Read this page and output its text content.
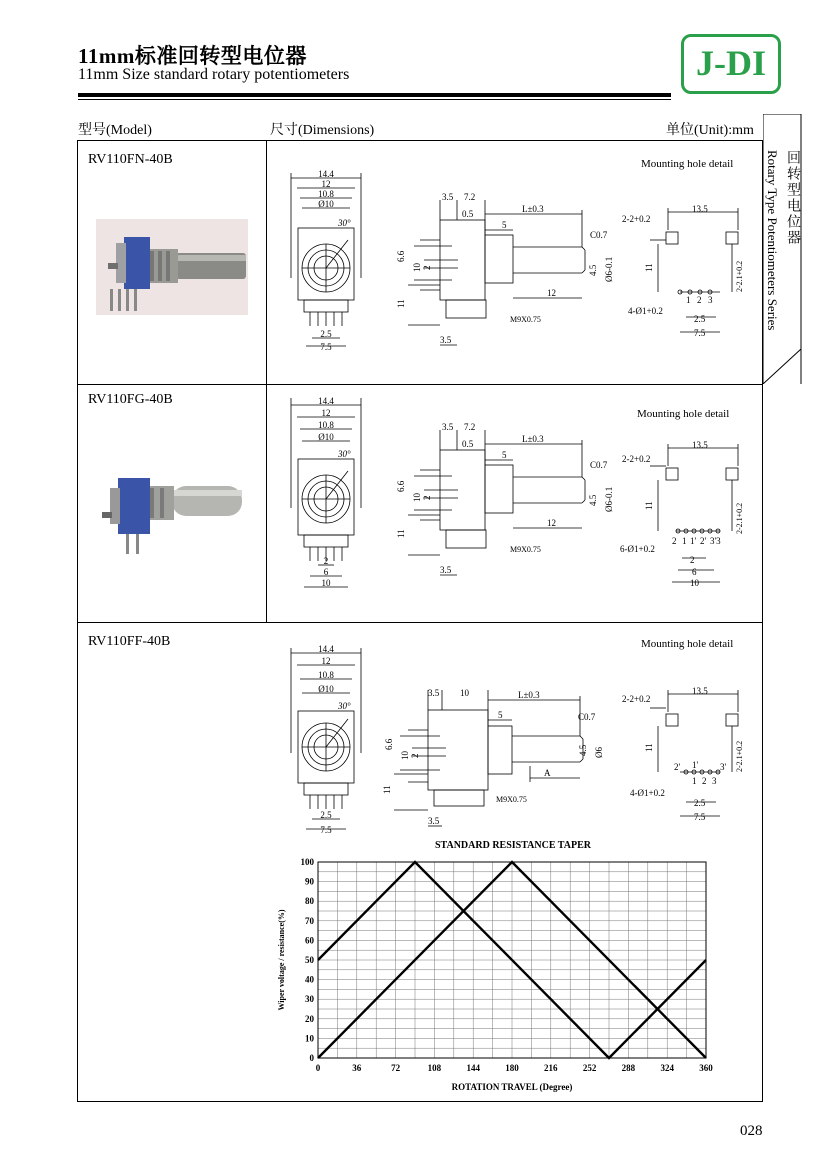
11mm标准回转型电位器
11mm Size standard rotary potentiometers	J-DI
型号(Model)	尺寸(Dimensions)	单位(Unit):mm
回转型电位器
Rotary Type Potentiometers Series
RV110FN-40B
RV110FG-40B
RV110FF-40B
Mounting hole detail
Mounting hole detail
Mounting hole detail
14.4
12
10.8
Ø10
30°
2.5
7.5
3.5 7.2
0.5	L±0.3
5
C0.7
6.6
10 2
11
4.5 Ø6-0.1
12
M9X0.75
3.5
13.5
2-2+0.2
11	2-2.1+0.2
1 2 3
4-Ø1+0.2
2.5
7.5
14.4
12
10.8
Ø10
30°
2
6
10
3.5 7.2
0.5	L±0.3
5
C0.7
6.6
10 2
11
4.5 Ø6-0.1
12
M9X0.75
3.5
13.5
2-2+0.2
11	2-2.1+0.2
2 1 1' 2' 3'3
6-Ø1+0.2
2
6
10
14.4
12
10.8
Ø10
30°
2.5
7.5
3.5 10	L±0.3
5	C0.7
6.6
10 2
11
4.5 Ø6
A
M9X0.75
3.5
13.5
2-2+0.2
11	2-2.1+0.2
2' 1' 3'
1 2 3
4-Ø1+0.2
2.5
7.5
STANDARD RESISTANCE TAPER
0	36	72	108	144	180	216	252	288	324	360
0
10
20
30
40
50
60
70
80
90
100
ROTATION TRAVEL (Degree)
Wiper voltage / resistance(%)
028
